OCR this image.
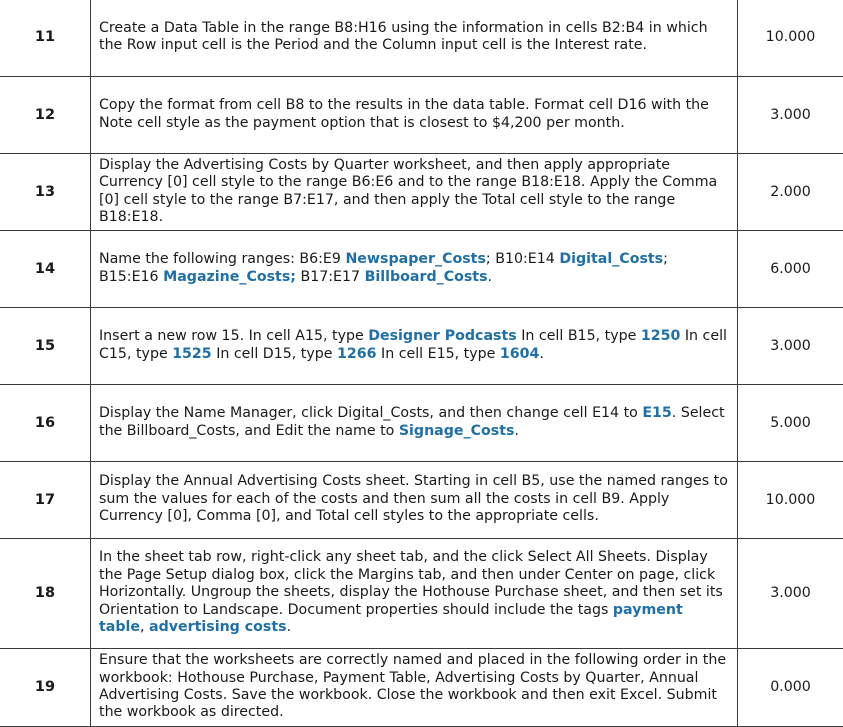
11	Create a Data Table in the range B8:H16 using the information in cells B2:B4 in which the Row input cell is the Period and the Column input cell is the Interest rate.	10.000
12	Copy the format from cell B8 to the results in the data table. Format cell D16 with the Note cell style as the payment option that is closest to $4,200 per month.	3.000
13	Display the Advertising Costs by Quarter worksheet, and then apply appropriate Currency [0] cell style to the range B6:E6 and to the range B18:E18. Apply the Comma [0] cell style to the range B7:E17, and then apply the Total cell style to the range B18:E18.	2.000
14	Name the following ranges: B6:E9 Newspaper_Costs; B10:E14 Digital_Costs; B15:E16 Magazine_Costs; B17:E17 Billboard_Costs.	6.000
15	Insert a new row 15. In cell A15, type Designer Podcasts In cell B15, type 1250 In cell C15, type 1525 In cell D15, type 1266 In cell E15, type 1604.	3.000
16	Display the Name Manager, click Digital_Costs, and then change cell E14 to E15. Select the Billboard_Costs, and Edit the name to Signage_Costs.	5.000
17	Display the Annual Advertising Costs sheet. Starting in cell B5, use the named ranges to sum the values for each of the costs and then sum all the costs in cell B9. Apply Currency [0], Comma [0], and Total cell styles to the appropriate cells.	10.000
18	In the sheet tab row, right-click any sheet tab, and the click Select All Sheets. Display the Page Setup dialog box, click the Margins tab, and then under Center on page, click Horizontally. Ungroup the sheets, display the Hothouse Purchase sheet, and then set its Orientation to Landscape. Document properties should include the tags payment table, advertising costs.	3.000
19	Ensure that the worksheets are correctly named and placed in the following order in the workbook: Hothouse Purchase, Payment Table, Advertising Costs by Quarter, Annual Advertising Costs. Save the workbook. Close the workbook and then exit Excel. Submit the workbook as directed.	0.000
